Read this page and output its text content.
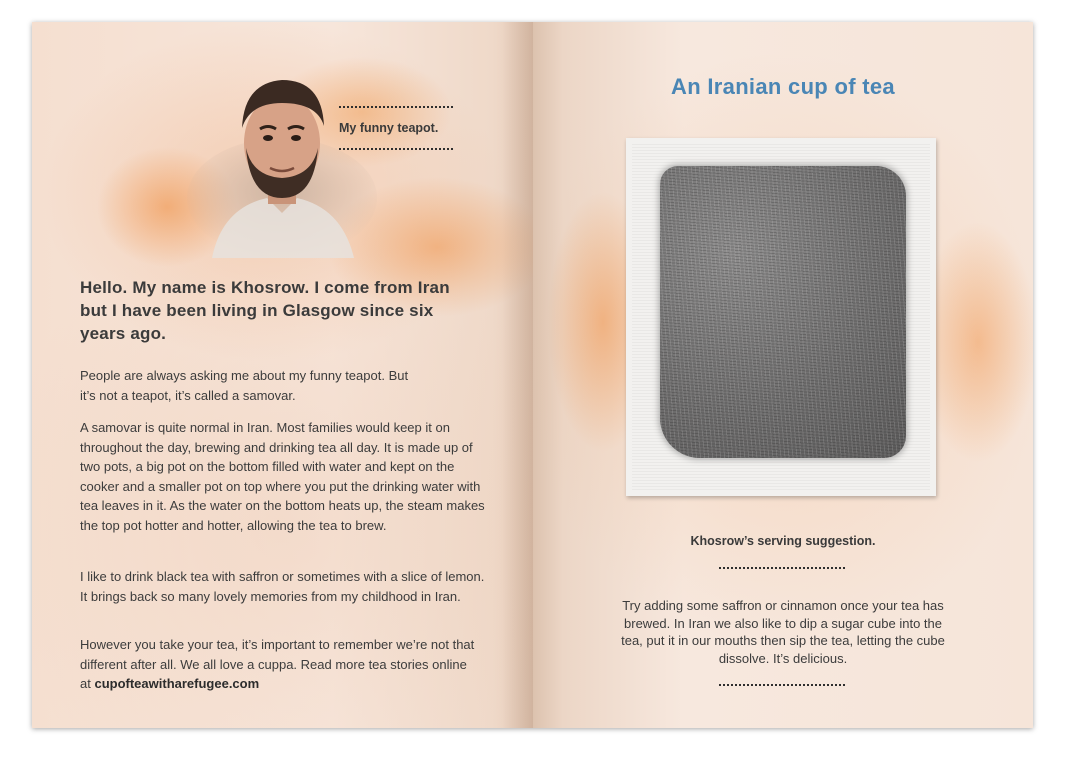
My funny teapot.
Hello. My name is Khosrow. I come from Iran but I have been living in Glasgow since six years ago.

People are always asking me about my funny teapot. But it’s not a teapot, it’s called a samovar.

A samovar is quite normal in Iran. Most families would keep it on throughout the day, brewing and drinking tea all day. It is made up of two pots, a big pot on the bottom filled with water and kept on the cooker and a smaller pot on top where you put the drinking water with tea leaves in it. As the water on the bottom heats up, the steam makes the top pot hotter and hotter, allowing the tea to brew.

I like to drink black tea with saffron or sometimes with a slice of lemon. It brings back so many lovely memories from my childhood in Iran.

However you take your tea, it’s important to remember we’re not that different after all. We all love a cuppa. Read more tea stories online at cupofteawitharefugee.com

An Iranian cup of tea
Khosrow’s serving suggestion.
Try adding some saffron or cinnamon once your tea has brewed. In Iran we also like to dip a sugar cube into the tea, put it in our mouths then sip the tea, letting the cube dissolve. It’s delicious.
